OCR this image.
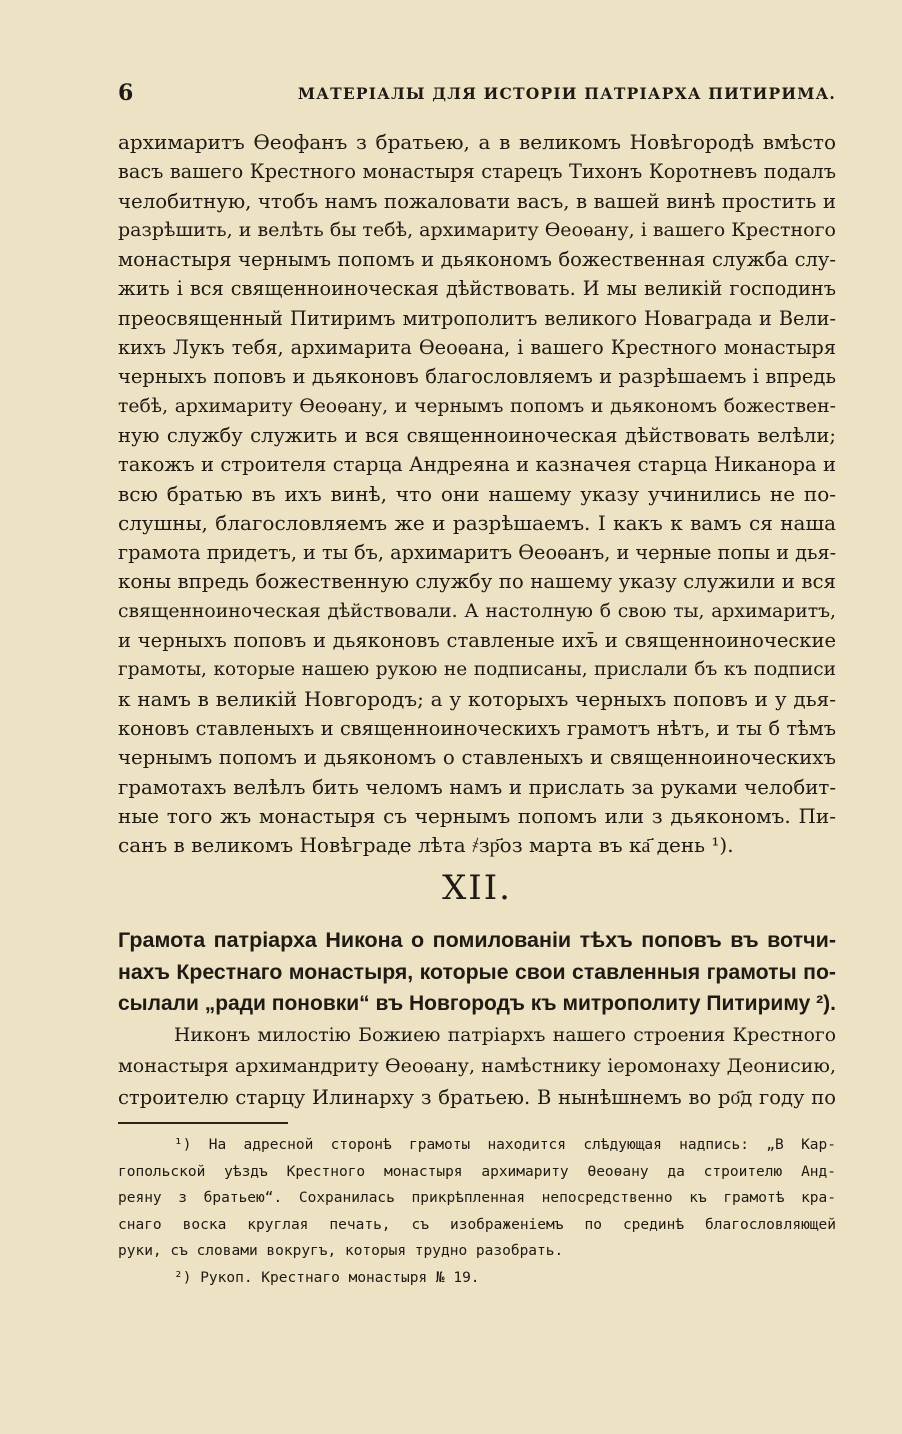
6	МАТЕРІАЛЫ ДЛЯ ИСТОРІИ ПАТРІАРХА ПИТИРИМА.
архимаритъ Ѳеофанъ з братьею, а в великомъ Новѣгородѣ вмѣсто
васъ вашего Крестного монастыря старецъ Тихонъ Коротневъ подалъ
челобитную, чтобъ намъ пожаловати васъ, в вашей винѣ простить и
разрѣшить, и велѣть бы тебѣ, архимариту Ѳеоѳану, і вашего Крестного
монастыря чернымъ попомъ и дьякономъ божественная служба слу-
жить і вся священноиноческая дѣйствовать. И мы великій господинъ
преосвященный Питиримъ митрополитъ великого Новаграда и Вели-
кихъ Лукъ тебя, архимарита Ѳеоѳана, і вашего Крестного монастыря
черныхъ поповъ и дьяконовъ благословляемъ и разрѣшаемъ і впредь
тебѣ, архимариту Ѳеоѳану, и чернымъ попомъ и дьякономъ божествен-
ную службу служить и вся священноиноческая дѣйствовать велѣли;
такожъ и строителя старца Андреяна и казначея старца Никанора и
всю братью въ ихъ винѣ, что они нашему указу учинились не по-
слушны, благословляемъ же и разрѣшаемъ. І какъ к вамъ ся наша
грамота придетъ, и ты бъ, архимаритъ Ѳеоѳанъ, и черные попы и дья-
коны впредь божественную службу по нашему указу служили и вся
священноиноческая дѣйствовали. А настолную б свою ты, архимаритъ,
и черныхъ поповъ и дьяконовъ ставленые ихъ̄ и священноиноческие
грамоты, которые нашею рукою не подписаны, прислали бъ къ подписи
к намъ в великій Новгородъ; а у которыхъ черныхъ поповъ и у дья-
коновъ ставленыхъ и священноиноческихъ грамотъ нѣтъ, и ты б тѣмъ
чернымъ попомъ и дьякономъ о ставленыхъ и священноиноческихъ
грамотахъ велѣлъ бить челомъ намъ и прислать за руками челобит-
ные того жъ монастыря съ чернымъ попомъ или з дьякономъ. Пи-
санъ в великомъ Новѣграде лѣта ҂зр҃оз марта въ ка҃ день ¹).
XII.
Грамота патріарха Никона о помилованіи тѣхъ поповъ въ вотчи-
нахъ Крестнаго монастыря, которые свои ставленныя грамоты по-
сылали „ради поновки“ въ Новгородъ къ митрополиту Питириму ²).
Никонъ милостію Божиею патріархъ нашего строения Крестного
монастыря архимандриту Ѳеоѳану, намѣстнику іеромонаху Деонисию,
строителю старцу Илинарху з братьею. В нынѣшнемъ во ро҃д году по
¹) На адресной сторонѣ грамоты находится слѣдующая надпись: „В Кар-
гопольской уѣздъ Крестного монастыря архимариту Ѳеоѳану да строителю Анд-
реяну з братьею“. Сохранилась прикрѣпленная непосредственно къ грамотѣ кра-
снаго воска круглая печать, съ изображеніемъ по срединѣ благословляющей
руки, съ словами вокругъ, которыя трудно разобрать.
²) Рукоп. Крестнаго монастыря № 19.
